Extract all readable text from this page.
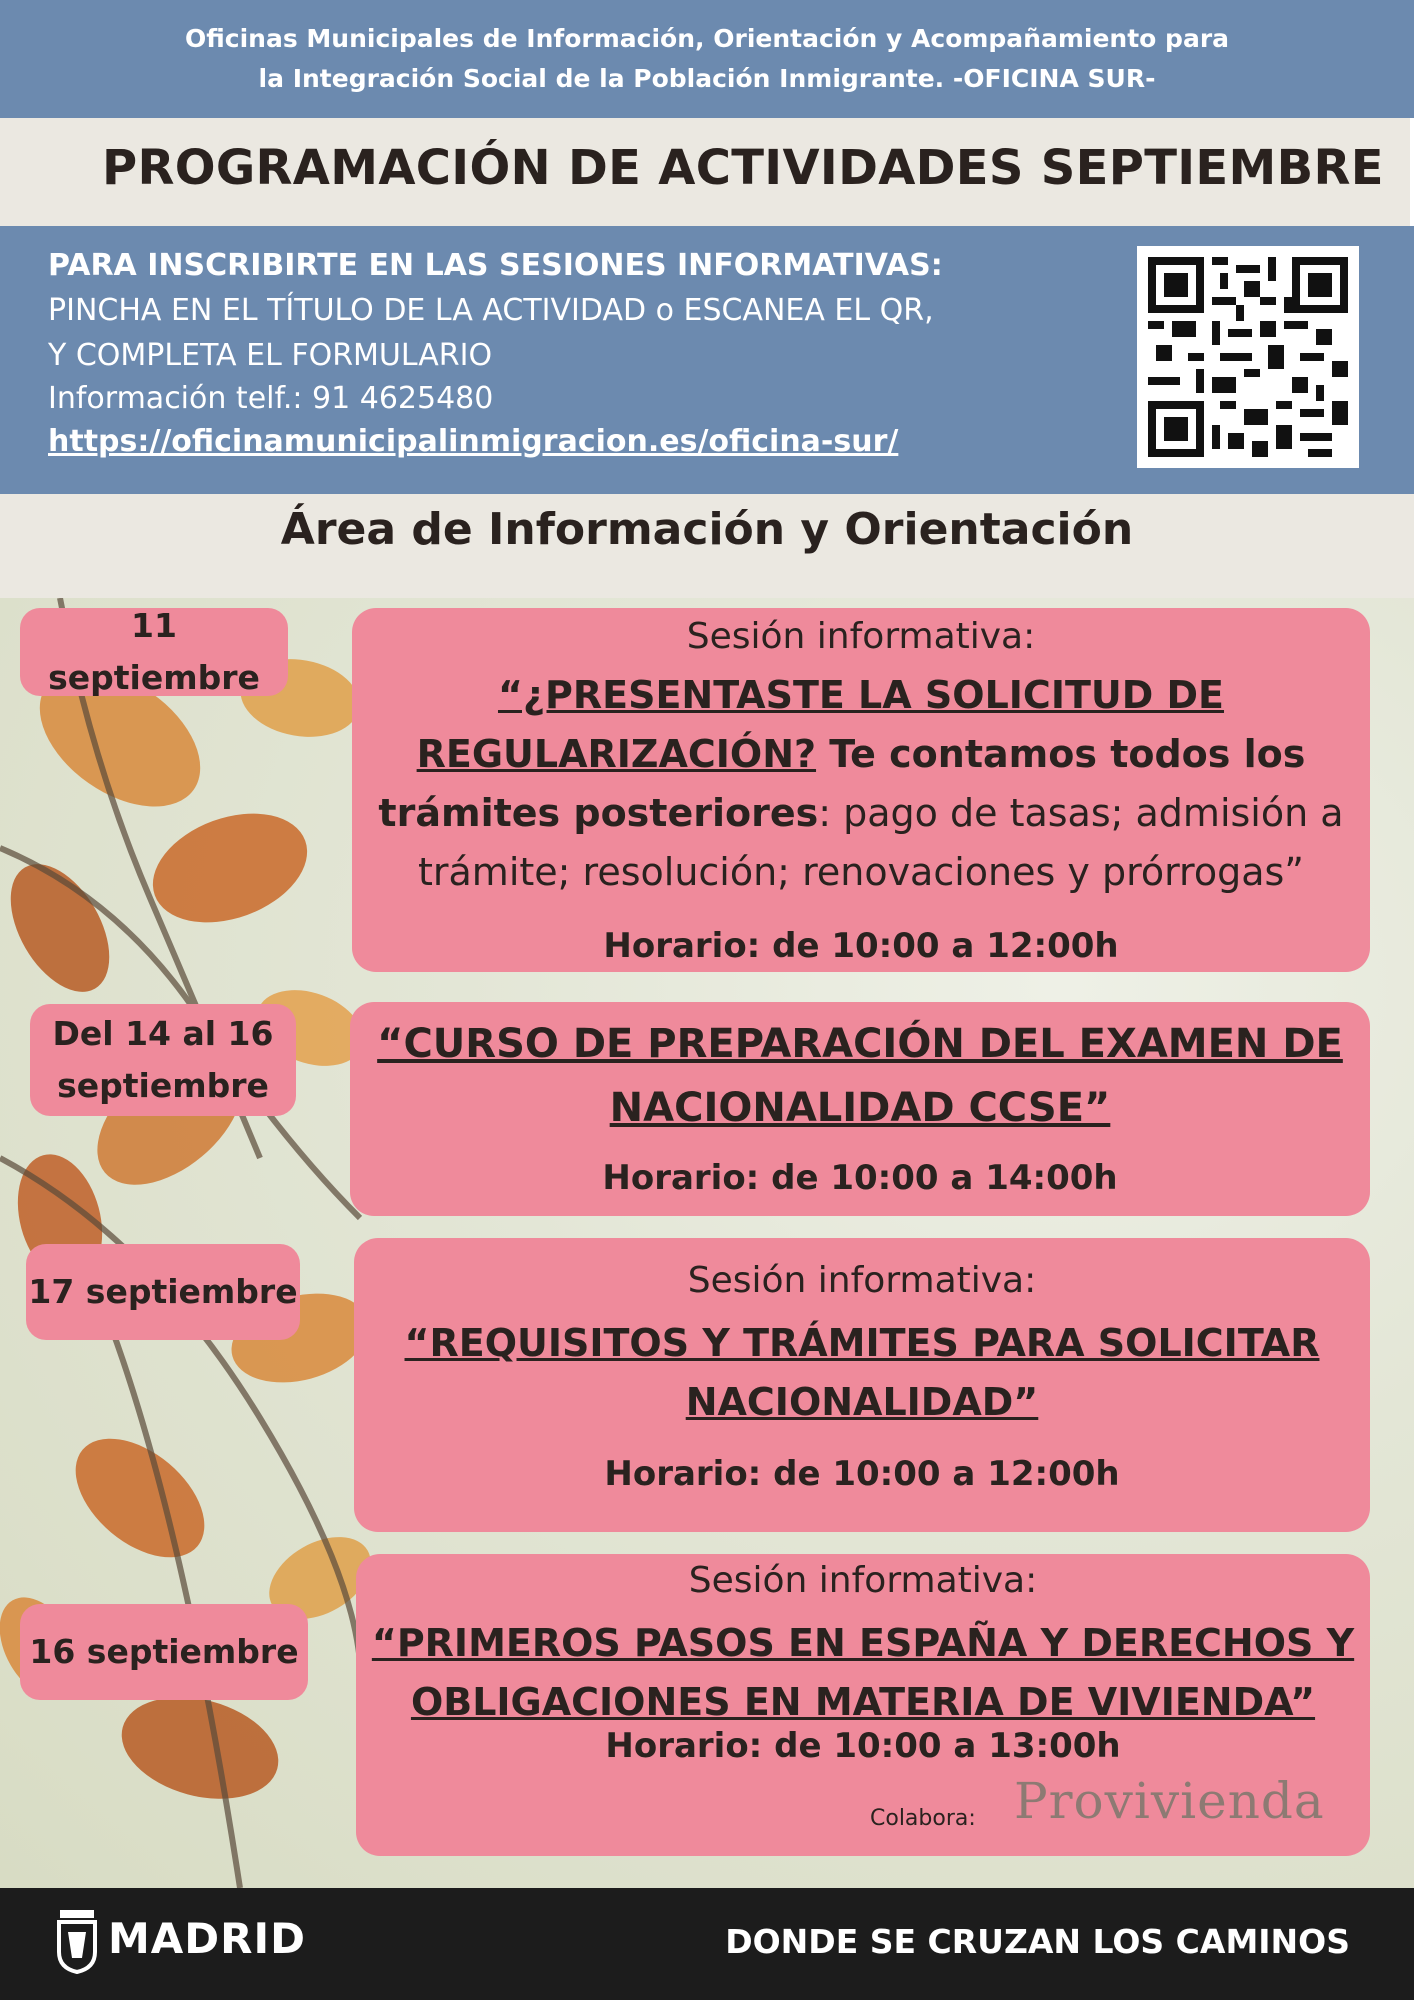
Oficinas Municipales de Información, Orientación y Acompañamiento para
la Integración Social de la Población Inmigrante. -OFICINA SUR-
PROGRAMACIÓN DE ACTIVIDADES SEPTIEMBRE
PARA INSCRIBIRTE EN LAS SESIONES INFORMATIVAS:
PINCHA EN EL TÍTULO DE LA ACTIVIDAD o ESCANEA EL QR,
Y COMPLETA EL FORMULARIO
Información telf.: 91 4625480
https://oficinamunicipalinmigracion.es/oficina-sur/
Área de Información y Orientación
11 septiembre
Sesión informativa:
“¿PRESENTASTE LA SOLICITUD DE REGULARIZACIÓN? Te contamos todos los trámites posteriores: pago de tasas; admisión a trámite; resolución; renovaciones y prórrogas”
Horario: de 10:00 a 12:00h
Del 14 al 16
septiembre
“CURSO DE PREPARACIÓN DEL EXAMEN DE NACIONALIDAD CCSE”
Horario: de 10:00 a 14:00h
17 septiembre	Sesión informativa:
“REQUISITOS Y TRÁMITES PARA SOLICITAR NACIONALIDAD”
Horario: de 10:00 a 12:00h
16 septiembre
Sesión informativa:
“PRIMEROS PASOS EN ESPAÑA Y DERECHOS Y OBLIGACIONES EN MATERIA DE VIVIENDA”
Horario: de 10:00 a 13:00h
Colabora: Provivienda
MADRID	DONDE SE CRUZAN LOS CAMINOS
